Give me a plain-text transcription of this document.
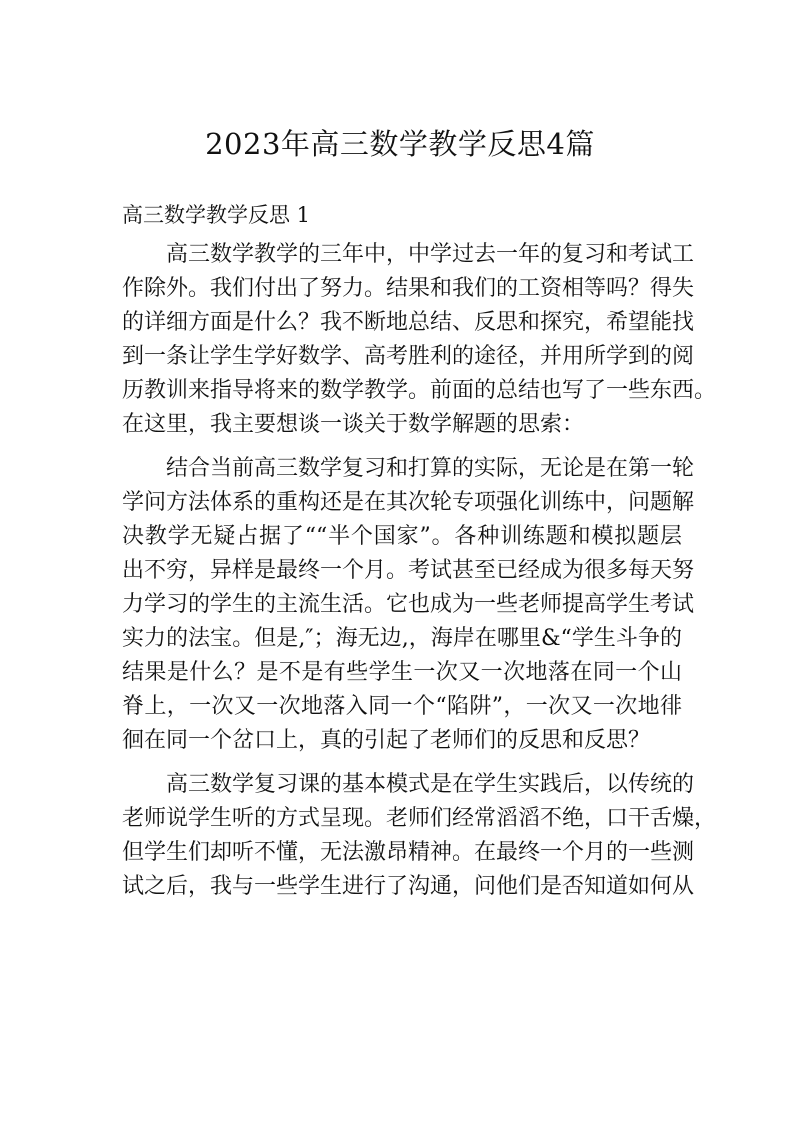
2023年高三数学教学反思4篇
高三数学教学反思 1
高三数学教学的三年中，中学过去一年的复习和考试工
作除外。我们付出了努力。结果和我们的工资相等吗？得失
的详细方面是什么？我不断地总结、反思和探究，希望能找
到一条让学生学好数学、高考胜利的途径，并用所学到的阅
历教训来指导将来的数学教学。前面的总结也写了一些东西。
在这里，我主要想谈一谈关于数学解题的思索：
结合当前高三数学复习和打算的实际，无论是在第一轮
学问方法体系的重构还是在其次轮专项强化训练中，问题解
决教学无疑占据了““半个国家”。各种训练题和模拟题层
出不穷，异样是最终一个月。考试甚至已经成为很多每天努
力学习的学生的主流生活。它也成为一些老师提高学生考试
实力的法宝。但是,″；海无边,，海岸在哪里&“学生斗争的
结果是什么？是不是有些学生一次又一次地落在同一个山
脊上，一次又一次地落入同一个“陷阱”，一次又一次地徘
徊在同一个岔口上，真的引起了老师们的反思和反思？
高三数学复习课的基本模式是在学生实践后，以传统的
老师说学生听的方式呈现。老师们经常滔滔不绝，口干舌燥，
但学生们却听不懂，无法激昂精神。在最终一个月的一些测
试之后，我与一些学生进行了沟通，问他们是否知道如何从
